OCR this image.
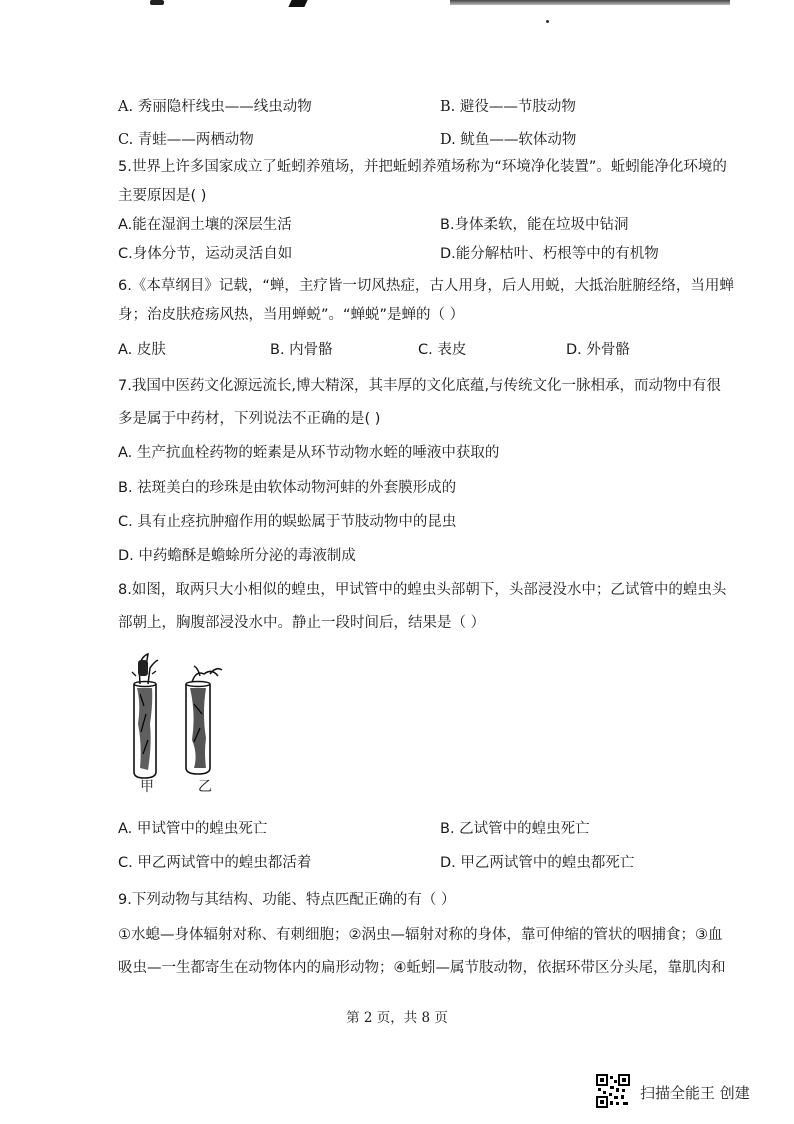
A. 秀丽隐杆线虫——线虫动物	B. 避役——节肢动物
C. 青蛙——两栖动物	D. 鱿鱼——软体动物
5.世界上许多国家成立了蚯蚓养殖场，并把蚯蚓养殖场称为“环境净化装置”。蚯蚓能净化环境的
主要原因是( )
A.能在湿润土壤的深层生活	B.身体柔软，能在垃圾中钻洞
C.身体分节，运动灵活自如	D.能分解枯叶、朽根等中的有机物
6.《本草纲目》记载，“蝉，主疗皆一切风热症，古人用身，后人用蜕，大抵治脏腑经络，当用蝉
身；治皮肤疮疡风热，当用蝉蜕”。“蝉蜕”是蝉的（ ）
A. 皮肤	B. 内骨骼	C. 表皮	D. 外骨骼
7.我国中医药文化源远流长,博大精深，其丰厚的文化底蕴,与传统文化一脉相承，而动物中有很
多是属于中药材，下列说法不正确的是( )
A. 生产抗血栓药物的蛭素是从环节动物水蛭的唾液中获取的
B. 祛斑美白的珍珠是由软体动物河蚌的外套膜形成的
C. 具有止痉抗肿瘤作用的蜈蚣属于节肢动物中的昆虫
D. 中药蟾酥是蟾蜍所分泌的毒液制成
8.如图，取两只大小相似的蝗虫，甲试管中的蝗虫头部朝下，头部浸没水中；乙试管中的蝗虫头
部朝上，胸腹部浸没水中。静止一段时间后，结果是（ ）
甲	乙
A. 甲试管中的蝗虫死亡	B. 乙试管中的蝗虫死亡
C. 甲乙两试管中的蝗虫都活着	D. 甲乙两试管中的蝗虫都死亡
9.下列动物与其结构、功能、特点匹配正确的有（ ）
①水螅—身体辐射对称、有刺细胞；②涡虫—辐射对称的身体，靠可伸缩的管状的咽捕食；③血
吸虫—一生都寄生在动物体内的扁形动物；④蚯蚓—属节肢动物，依据环带区分头尾，靠肌肉和
第 2 页，共 8 页
扫描全能王 创建
